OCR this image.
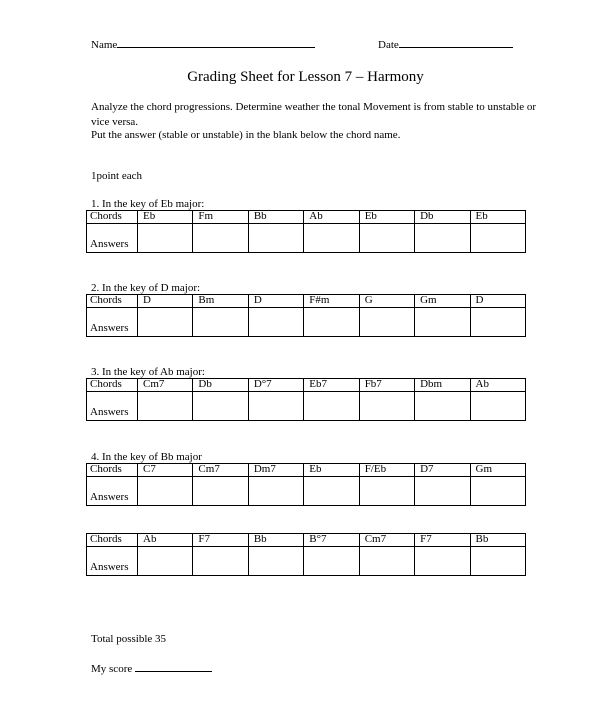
Name	Date
Grading Sheet for Lesson 7 – Harmony
Analyze the chord progressions. Determine weather the tonal Movement is from stable to unstable or vice versa.
Put the answer (stable or unstable) in the blank below the chord name.
1point each
1. In the key of Eb major:
Chords	Eb	Fm	Bb	Ab	Eb	Db	Eb
Answers							
2. In the key of D major:
Chords	D	Bm	D	F#m	G	Gm	D
Answers							
3. In the key of Ab major:
Chords	Cm7	Db	D°7	Eb7	Fb7	Dbm	Ab
Answers							
4. In the key of Bb major
Chords	C7	Cm7	Dm7	Eb	F/Eb	D7	Gm
Answers							
Chords	Ab	F7	Bb	B°7	Cm7	F7	Bb
Answers							
Total possible 35
My score
